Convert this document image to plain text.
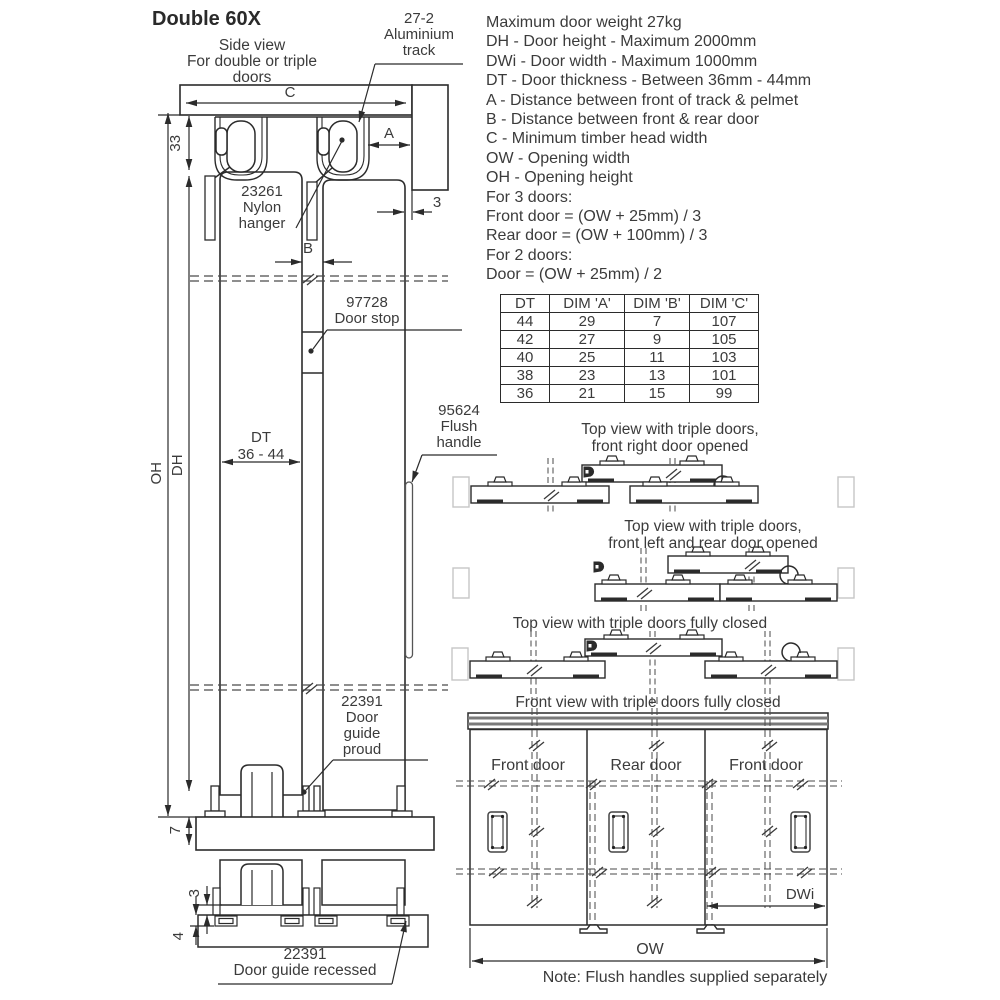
Double 60X
Side view
For double or triple doors
27-2
Aluminium
track
23261
Nylon
hanger
97728
Door stop
95624
Flush
handle
22391
Door
guide
proud
22391
Door guide recessed
C
A
B
3
33
OH DH
DT
36 - 44
7
3
4
Maximum door weight 27kg
DH - Door height - Maximum 2000mm
DWi - Door width - Maximum 1000mm
DT - Door thickness - Between 36mm - 44mm
A - Distance between front of track & pelmet
B - Distance between front & rear door
C - Minimum timber head width
OW - Opening width
OH - Opening height
For 3 doors:
Front door = (OW + 25mm) / 3
Rear door = (OW + 100mm) / 3
For 2 doors:
Door = (OW + 25mm) / 2
DT	DIM 'A'	DIM 'B'	DIM 'C'
44	29	7	107
42	27	9	105
40	25	11	103
38	23	13	101
36	21	15	99
Top view with triple doors,
front right door opened
Top view with triple doors,
front left and rear door opened
Top view with triple doors fully closed
Front view with triple doors fully closed
Front door	Rear door	Front door
DWi
OW
Note: Flush handles supplied separately
